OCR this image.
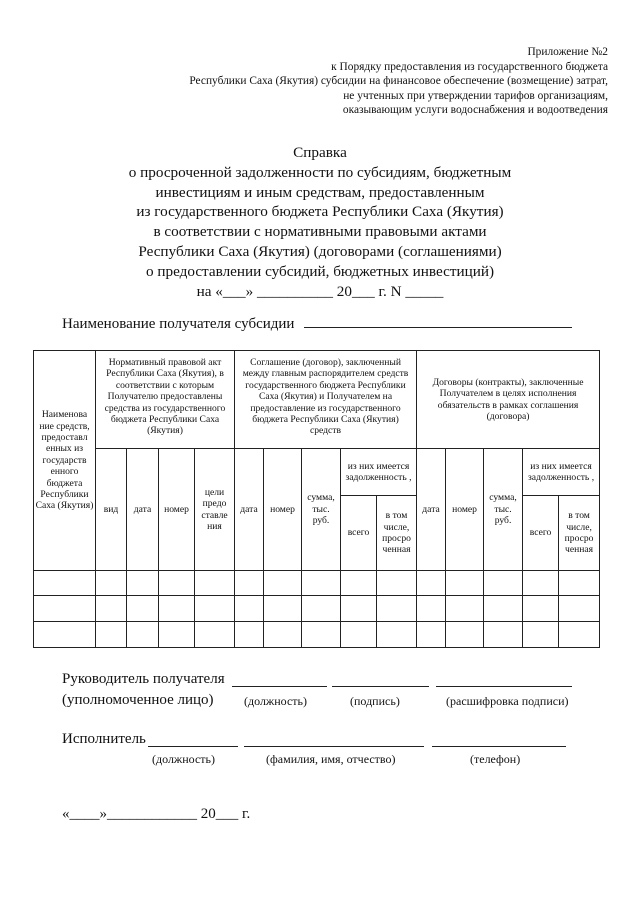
Приложение №2
к Порядку предоставления из государственного бюджета
Республики Саха (Якутия) субсидии на финансовое обеспечение (возмещение) затрат,
не учтенных при утверждении тарифов организациям,
оказывающим услуги водоснабжения и водоотведения
Справка
о просроченной задолженности по субсидиям, бюджетным
инвестициям и иным средствам, предоставленным
из государственного бюджета Республики Саха (Якутия)
в соответствии с нормативными правовыми актами
Республики Саха (Якутия) (договорами (соглашениями)
о предоставлении субсидий, бюджетных инвестиций)
на «___» __________ 20___ г. N _____
Наименование получателя субсидии
Наименова ние средств, предоставл енных из государств енного бюджета Республики Саха (Якутия)	Нормативный правовой акт Республики Саха (Якутия), в соответствии с которым Получателю предоставлены средства из государственного бюджета Республики Саха (Якутия)				Соглашение (договор), заключенный между главным распорядителем средств государственного бюджета Республики Саха (Якутия) и Получателем на предоставление из государственного бюджета Республики Саха (Якутия) средств					Договоры (контракты), заключенные Получателем в целях исполнения обязательств в рамках соглашения (договора)				
	вид	дата	номер	цели предо ставле ния	дата	номер	сумма, тыс. руб.	из них имеется задолженность ,		дата	номер	сумма, тыс. руб.	из них имеется задолженность ,	
								всего	в том числе, просро ченная				всего	в том числе, просро ченная

Руководитель получателя
(уполномоченное лицо)	(должность)	(подпись)	(расшифровка подписи)
Исполнитель
(должность)	(фамилия, имя, отчество)	(телефон)
«____»____________ 20___ г.
